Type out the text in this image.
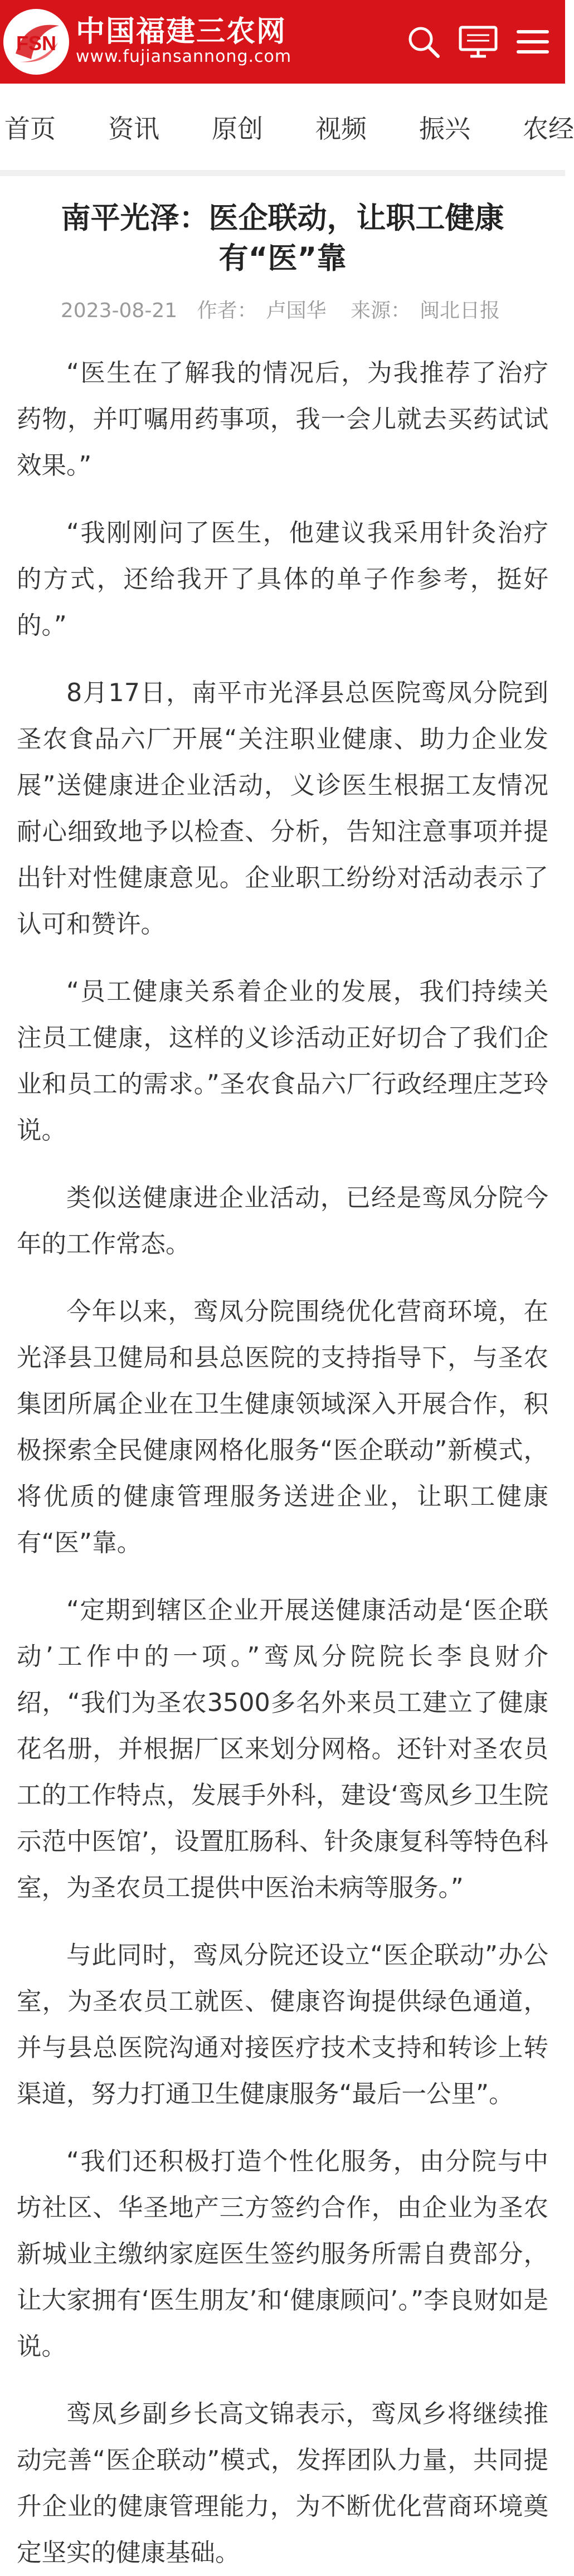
FSN 中国福建三农网
www.fujiansannong.com
首页 资讯 原创 视频 振兴 农经
南平光泽：医企联动，让职工健康有“医”靠
2023-08-21 作者： 卢国华 来源： 闽北日报

“医生在了解我的情况后，为我推荐了治疗药物，并叮嘱用药事项，我一会儿就去买药试试效果。”

“我刚刚问了医生，他建议我采用针灸治疗的方式，还给我开了具体的单子作参考，挺好的。”

8月17日，南平市光泽县总医院鸾凤分院到圣农食品六厂开展“关注职业健康、助力企业发展”送健康进企业活动，义诊医生根据工友情况耐心细致地予以检查、分析，告知注意事项并提出针对性健康意见。企业职工纷纷对活动表示了认可和赞许。

“员工健康关系着企业的发展，我们持续关注员工健康，这样的义诊活动正好切合了我们企业和员工的需求。”圣农食品六厂行政经理庄芝玲说。

类似送健康进企业活动，已经是鸾凤分院今年的工作常态。

今年以来，鸾凤分院围绕优化营商环境，在光泽县卫健局和县总医院的支持指导下，与圣农集团所属企业在卫生健康领域深入开展合作，积极探索全民健康网格化服务“医企联动”新模式，将优质的健康管理服务送进企业，让职工健康有“医”靠。

“定期到辖区企业开展送健康活动是‘医企联动’工作中的一项。”鸾凤分院院长李良财介绍，“我们为圣农3500多名外来员工建立了健康花名册，并根据厂区来划分网格。还针对圣农员工的工作特点，发展手外科，建设‘鸾凤乡卫生院示范中医馆’，设置肛肠科、针灸康复科等特色科室，为圣农员工提供中医治未病等服务。”

与此同时，鸾凤分院还设立“医企联动”办公室，为圣农员工就医、健康咨询提供绿色通道，并与县总医院沟通对接医疗技术支持和转诊上转渠道，努力打通卫生健康服务“最后一公里”。

“我们还积极打造个性化服务，由分院与中坊社区、华圣地产三方签约合作，由企业为圣农新城业主缴纳家庭医生签约服务所需自费部分，让大家拥有‘医生朋友’和‘健康顾问’。”李良财如是说。

鸾凤乡副乡长高文锦表示，鸾凤乡将继续推动完善“医企联动”模式，发挥团队力量，共同提升企业的健康管理能力，为不断优化营商环境奠定坚实的健康基础。
